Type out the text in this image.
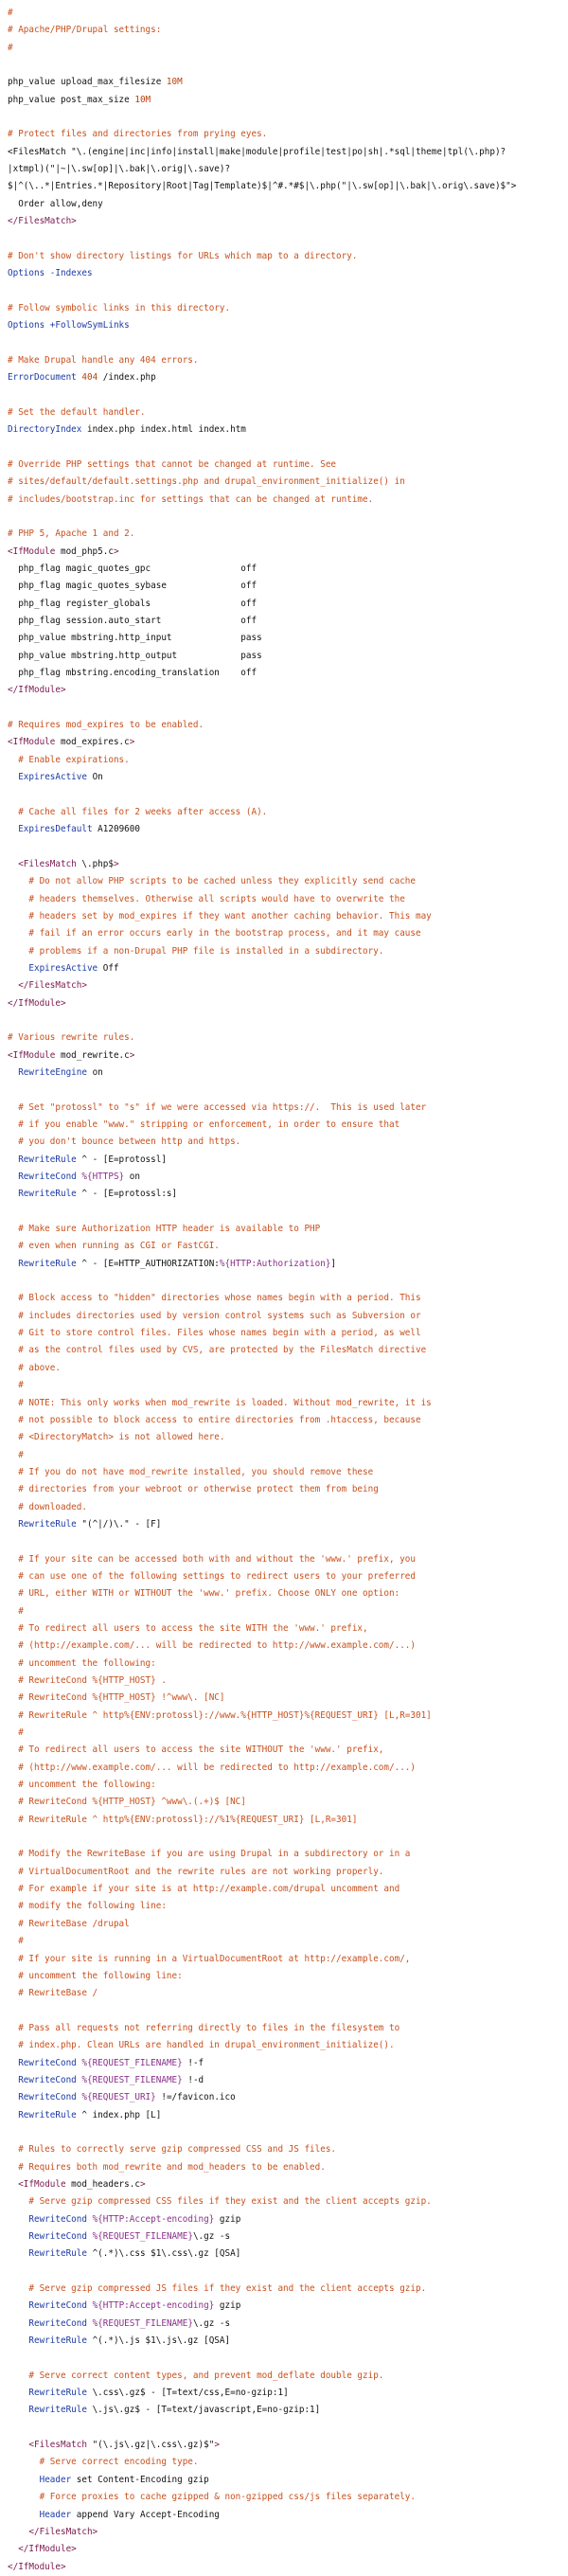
#
# Apache/PHP/Drupal settings:
#

php_value upload_max_filesize 10M
php_value post_max_size 10M

# Protect files and directories from prying eyes.
<FilesMatch "\.(engine|inc|info|install|make|module|profile|test|po|sh|.*sql|theme|tpl(\.php)?
|xtmpl)("|~|\.sw[op]|\.bak|\.orig|\.save)?
$|^(\..*|Entries.*|Repository|Root|Tag|Template)$|^#.*#$|\.php("|\.sw[op]|\.bak|\.orig\.save)$">
Order allow,deny
</FilesMatch>

# Don't show directory listings for URLs which map to a directory.
Options -Indexes

# Follow symbolic links in this directory.
Options +FollowSymLinks

# Make Drupal handle any 404 errors.
ErrorDocument 404 /index.php

# Set the default handler.
DirectoryIndex index.php index.html index.htm

# Override PHP settings that cannot be changed at runtime. See
# sites/default/default.settings.php and drupal_environment_initialize() in
# includes/bootstrap.inc for settings that can be changed at runtime.

# PHP 5, Apache 1 and 2.
<IfModule mod_php5.c>
php_flag magic_quotes_gpc                 off
php_flag magic_quotes_sybase              off
php_flag register_globals                 off
php_flag session.auto_start               off
php_value mbstring.http_input             pass
php_value mbstring.http_output            pass
php_flag mbstring.encoding_translation    off
</IfModule>

# Requires mod_expires to be enabled.
<IfModule mod_expires.c>
# Enable expirations.
ExpiresActive On

# Cache all files for 2 weeks after access (A).
ExpiresDefault A1209600

<FilesMatch \.php$>
# Do not allow PHP scripts to be cached unless they explicitly send cache
# headers themselves. Otherwise all scripts would have to overwrite the
# headers set by mod_expires if they want another caching behavior. This may
# fail if an error occurs early in the bootstrap process, and it may cause
# problems if a non-Drupal PHP file is installed in a subdirectory.
ExpiresActive Off
</FilesMatch>
</IfModule>

# Various rewrite rules.
<IfModule mod_rewrite.c>
RewriteEngine on

# Set "protossl" to "s" if we were accessed via https://.  This is used later
# if you enable "www." stripping or enforcement, in order to ensure that
# you don't bounce between http and https.
RewriteRule ^ - [E=protossl]
RewriteCond %{HTTPS} on
RewriteRule ^ - [E=protossl:s]

# Make sure Authorization HTTP header is available to PHP
# even when running as CGI or FastCGI.
RewriteRule ^ - [E=HTTP_AUTHORIZATION:%{HTTP:Authorization}]

# Block access to "hidden" directories whose names begin with a period. This
# includes directories used by version control systems such as Subversion or
# Git to store control files. Files whose names begin with a period, as well
# as the control files used by CVS, are protected by the FilesMatch directive
# above.
#
# NOTE: This only works when mod_rewrite is loaded. Without mod_rewrite, it is
# not possible to block access to entire directories from .htaccess, because
# <DirectoryMatch> is not allowed here.
#
# If you do not have mod_rewrite installed, you should remove these
# directories from your webroot or otherwise protect them from being
# downloaded.
RewriteRule "(^|/)\." - [F]

# If your site can be accessed both with and without the 'www.' prefix, you
# can use one of the following settings to redirect users to your preferred
# URL, either WITH or WITHOUT the 'www.' prefix. Choose ONLY one option:
#
# To redirect all users to access the site WITH the 'www.' prefix,
# (http://example.com/... will be redirected to http://www.example.com/...)
# uncomment the following:
# RewriteCond %{HTTP_HOST} .
# RewriteCond %{HTTP_HOST} !^www\. [NC]
# RewriteRule ^ http%{ENV:protossl}://www.%{HTTP_HOST}%{REQUEST_URI} [L,R=301]
#
# To redirect all users to access the site WITHOUT the 'www.' prefix,
# (http://www.example.com/... will be redirected to http://example.com/...)
# uncomment the following:
# RewriteCond %{HTTP_HOST} ^www\.(.+)$ [NC]
# RewriteRule ^ http%{ENV:protossl}://%1%{REQUEST_URI} [L,R=301]

# Modify the RewriteBase if you are using Drupal in a subdirectory or in a
# VirtualDocumentRoot and the rewrite rules are not working properly.
# For example if your site is at http://example.com/drupal uncomment and
# modify the following line:
# RewriteBase /drupal
#
# If your site is running in a VirtualDocumentRoot at http://example.com/,
# uncomment the following line:
# RewriteBase /

# Pass all requests not referring directly to files in the filesystem to
# index.php. Clean URLs are handled in drupal_environment_initialize().
RewriteCond %{REQUEST_FILENAME} !-f
RewriteCond %{REQUEST_FILENAME} !-d
RewriteCond %{REQUEST_URI} !=/favicon.ico
RewriteRule ^ index.php [L]

# Rules to correctly serve gzip compressed CSS and JS files.
# Requires both mod_rewrite and mod_headers to be enabled.
<IfModule mod_headers.c>
# Serve gzip compressed CSS files if they exist and the client accepts gzip.
RewriteCond %{HTTP:Accept-encoding} gzip
RewriteCond %{REQUEST_FILENAME}\.gz -s
RewriteRule ^(.*)\.css $1\.css\.gz [QSA]

# Serve gzip compressed JS files if they exist and the client accepts gzip.
RewriteCond %{HTTP:Accept-encoding} gzip
RewriteCond %{REQUEST_FILENAME}\.gz -s
RewriteRule ^(.*)\.js $1\.js\.gz [QSA]

# Serve correct content types, and prevent mod_deflate double gzip.
RewriteRule \.css\.gz$ - [T=text/css,E=no-gzip:1]
RewriteRule \.js\.gz$ - [T=text/javascript,E=no-gzip:1]

<FilesMatch "(\.js\.gz|\.css\.gz)$">
# Serve correct encoding type.
Header set Content-Encoding gzip
# Force proxies to cache gzipped & non-gzipped css/js files separately.
Header append Vary Accept-Encoding
</FilesMatch>
</IfModule>
</IfModule>
